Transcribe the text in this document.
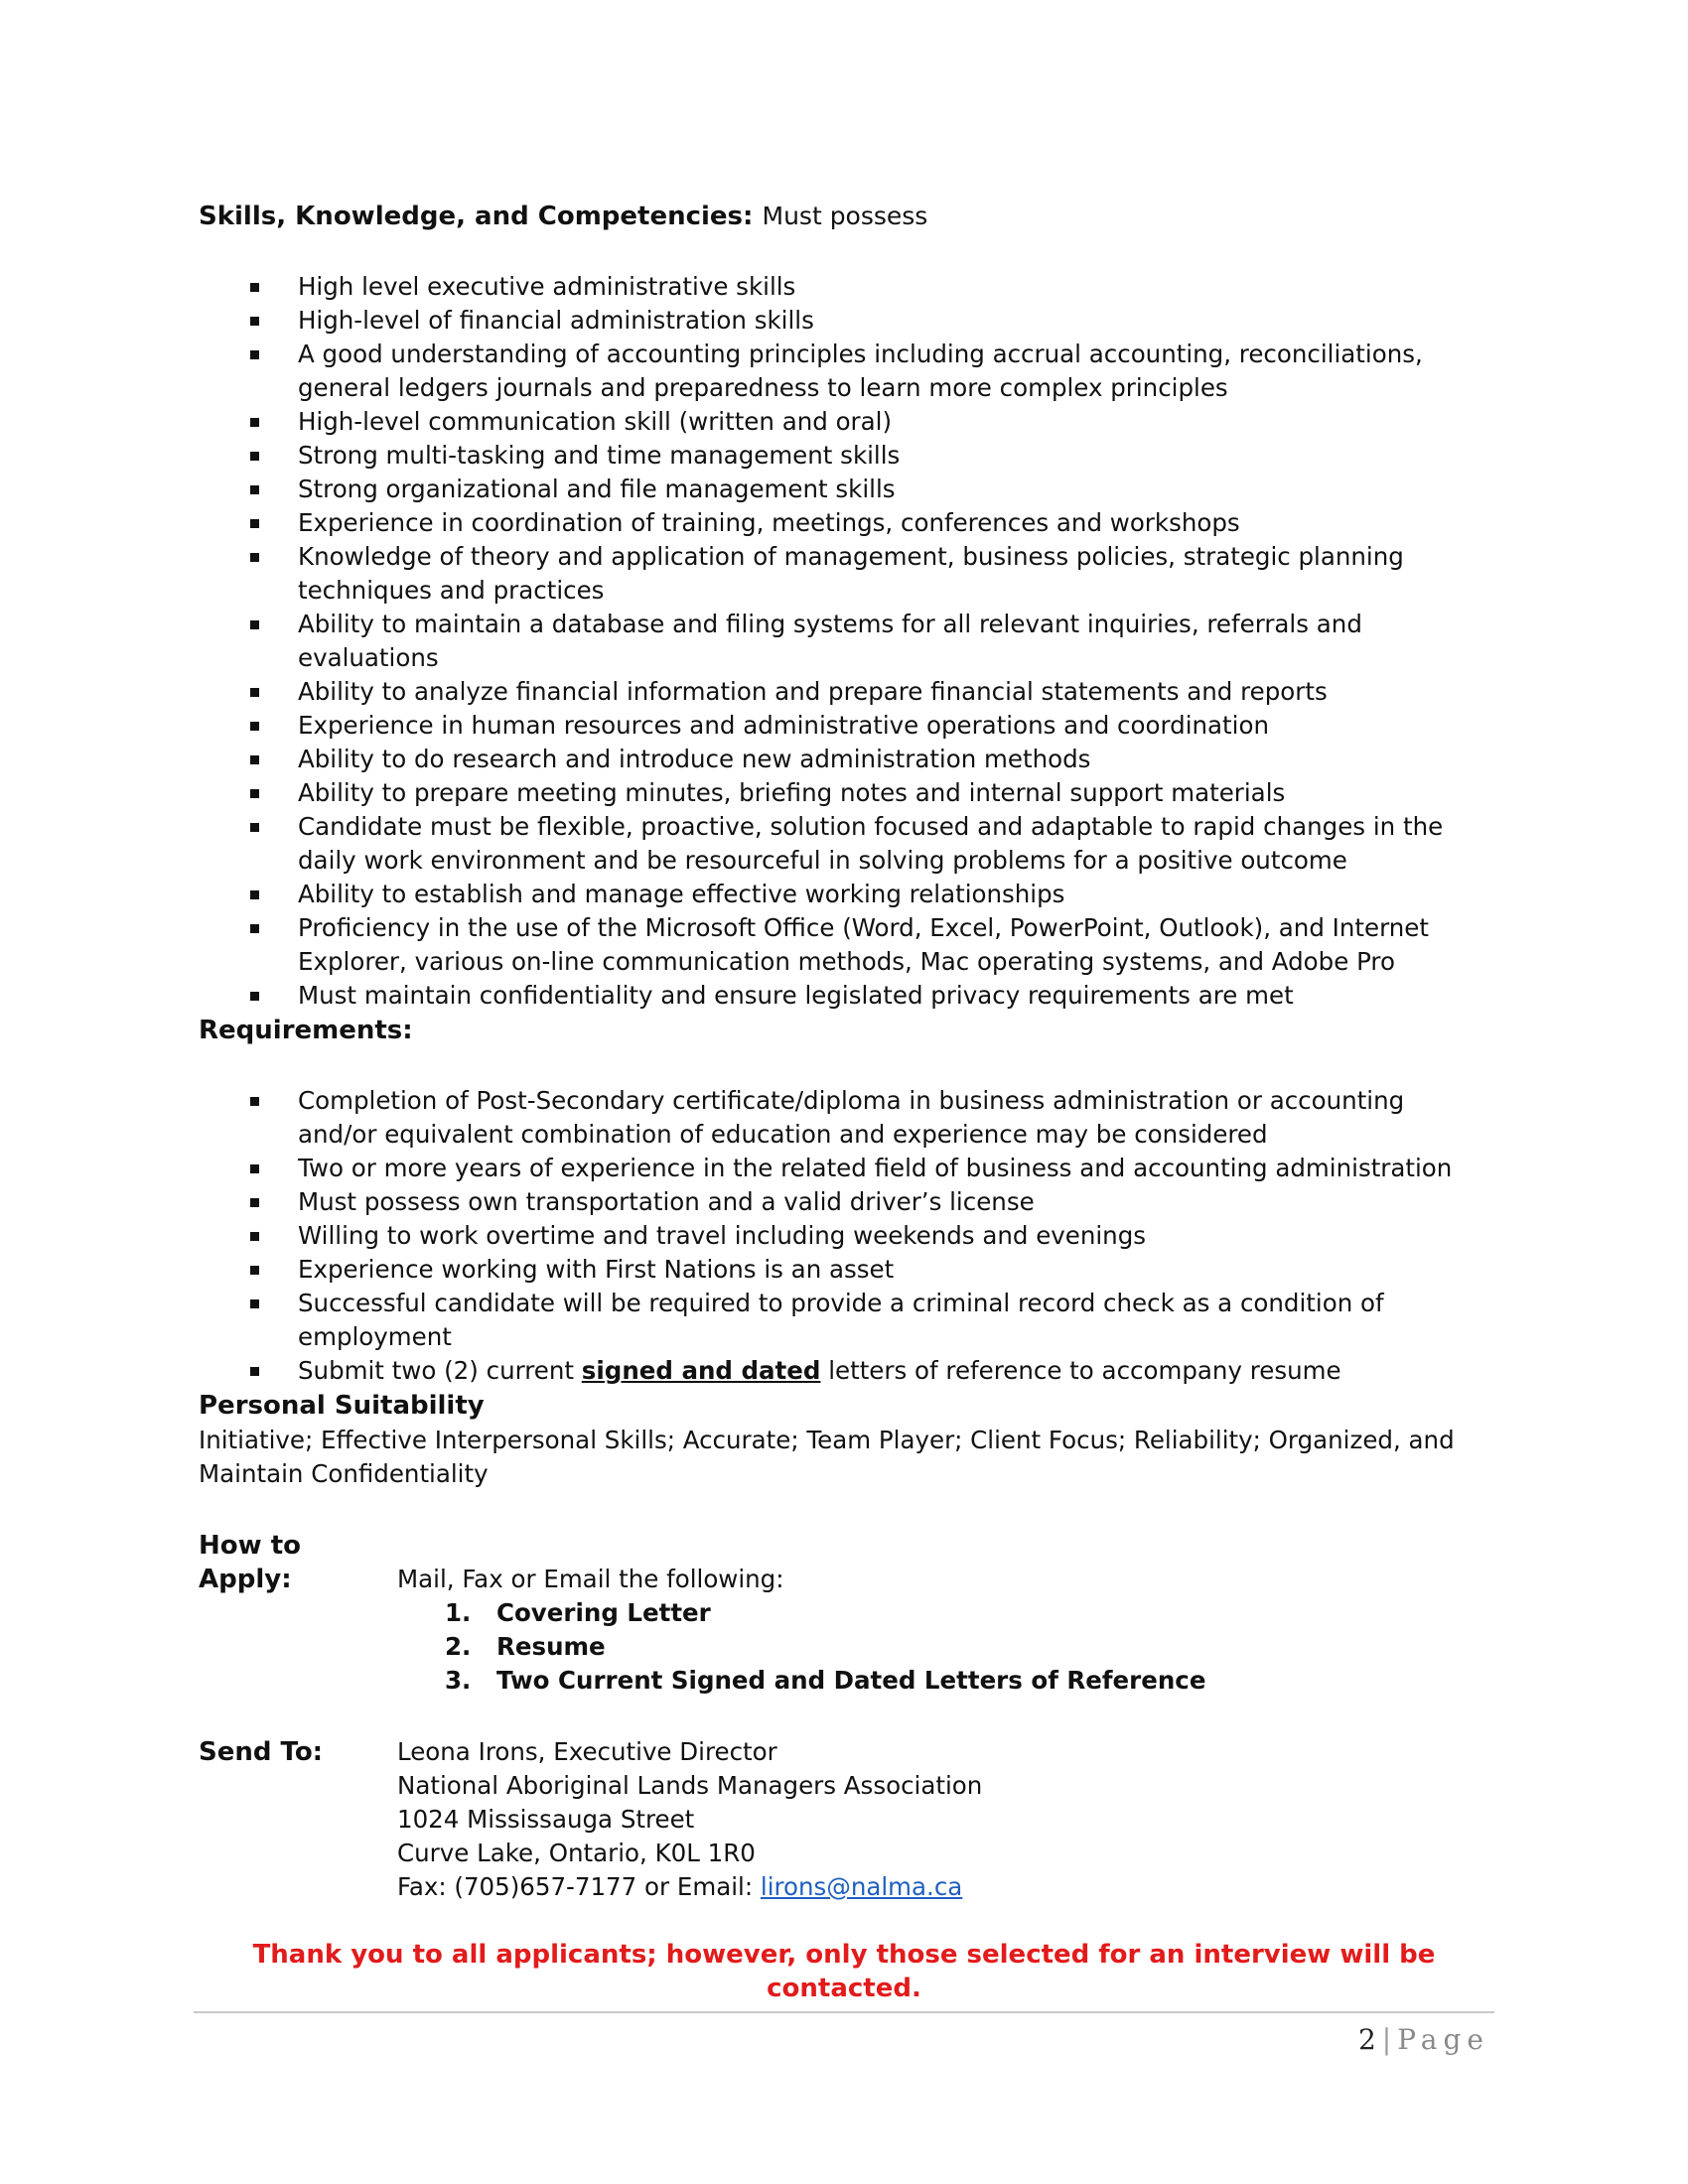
Skills, Knowledge, and Competencies: Must possess
High level executive administrative skills
High-level of financial administration skills
A good understanding of accounting principles including accrual accounting, reconciliations, general ledgers journals and preparedness to learn more complex principles
High-level communication skill (written and oral)
Strong multi-tasking and time management skills
Strong organizational and file management skills
Experience in coordination of training, meetings, conferences and workshops
Knowledge of theory and application of management, business policies, strategic planning techniques and practices
Ability to maintain a database and filing systems for all relevant inquiries, referrals and evaluations
Ability to analyze financial information and prepare financial statements and reports
Experience in human resources and administrative operations and coordination
Ability to do research and introduce new administration methods
Ability to prepare meeting minutes, briefing notes and internal support materials
Candidate must be flexible, proactive, solution focused and adaptable to rapid changes in the daily work environment and be resourceful in solving problems for a positive outcome
Ability to establish and manage effective working relationships
Proficiency in the use of the Microsoft Office (Word, Excel, PowerPoint, Outlook), and Internet Explorer, various on-line communication methods, Mac operating systems, and Adobe Pro
Must maintain confidentiality and ensure legislated privacy requirements are met
Requirements:
Completion of Post-Secondary certificate/diploma in business administration or accounting and/or equivalent combination of education and experience may be considered
Two or more years of experience in the related field of business and accounting administration
Must possess own transportation and a valid driver’s license
Willing to work overtime and travel including weekends and evenings
Experience working with First Nations is an asset
Successful candidate will be required to provide a criminal record check as a condition of employment
Submit two (2) current signed and dated letters of reference to accompany resume
Personal Suitability

Initiative; Effective Interpersonal Skills; Accurate; Team Player; Client Focus; Reliability; Organized, and Maintain Confidentiality

How to Apply:	Mail, Fax or Email the following:
1. Covering Letter
2. Resume
3. Two Current Signed and Dated Letters of Reference
Send To:	Leona Irons, Executive Director
National Aboriginal Lands Managers Association
1024 Mississauga Street
Curve Lake, Ontario, K0L 1R0
Fax: (705)657-7177 or Email: lirons@nalma.ca
Thank you to all applicants; however, only those selected for an interview will be contacted.
2 | Page
